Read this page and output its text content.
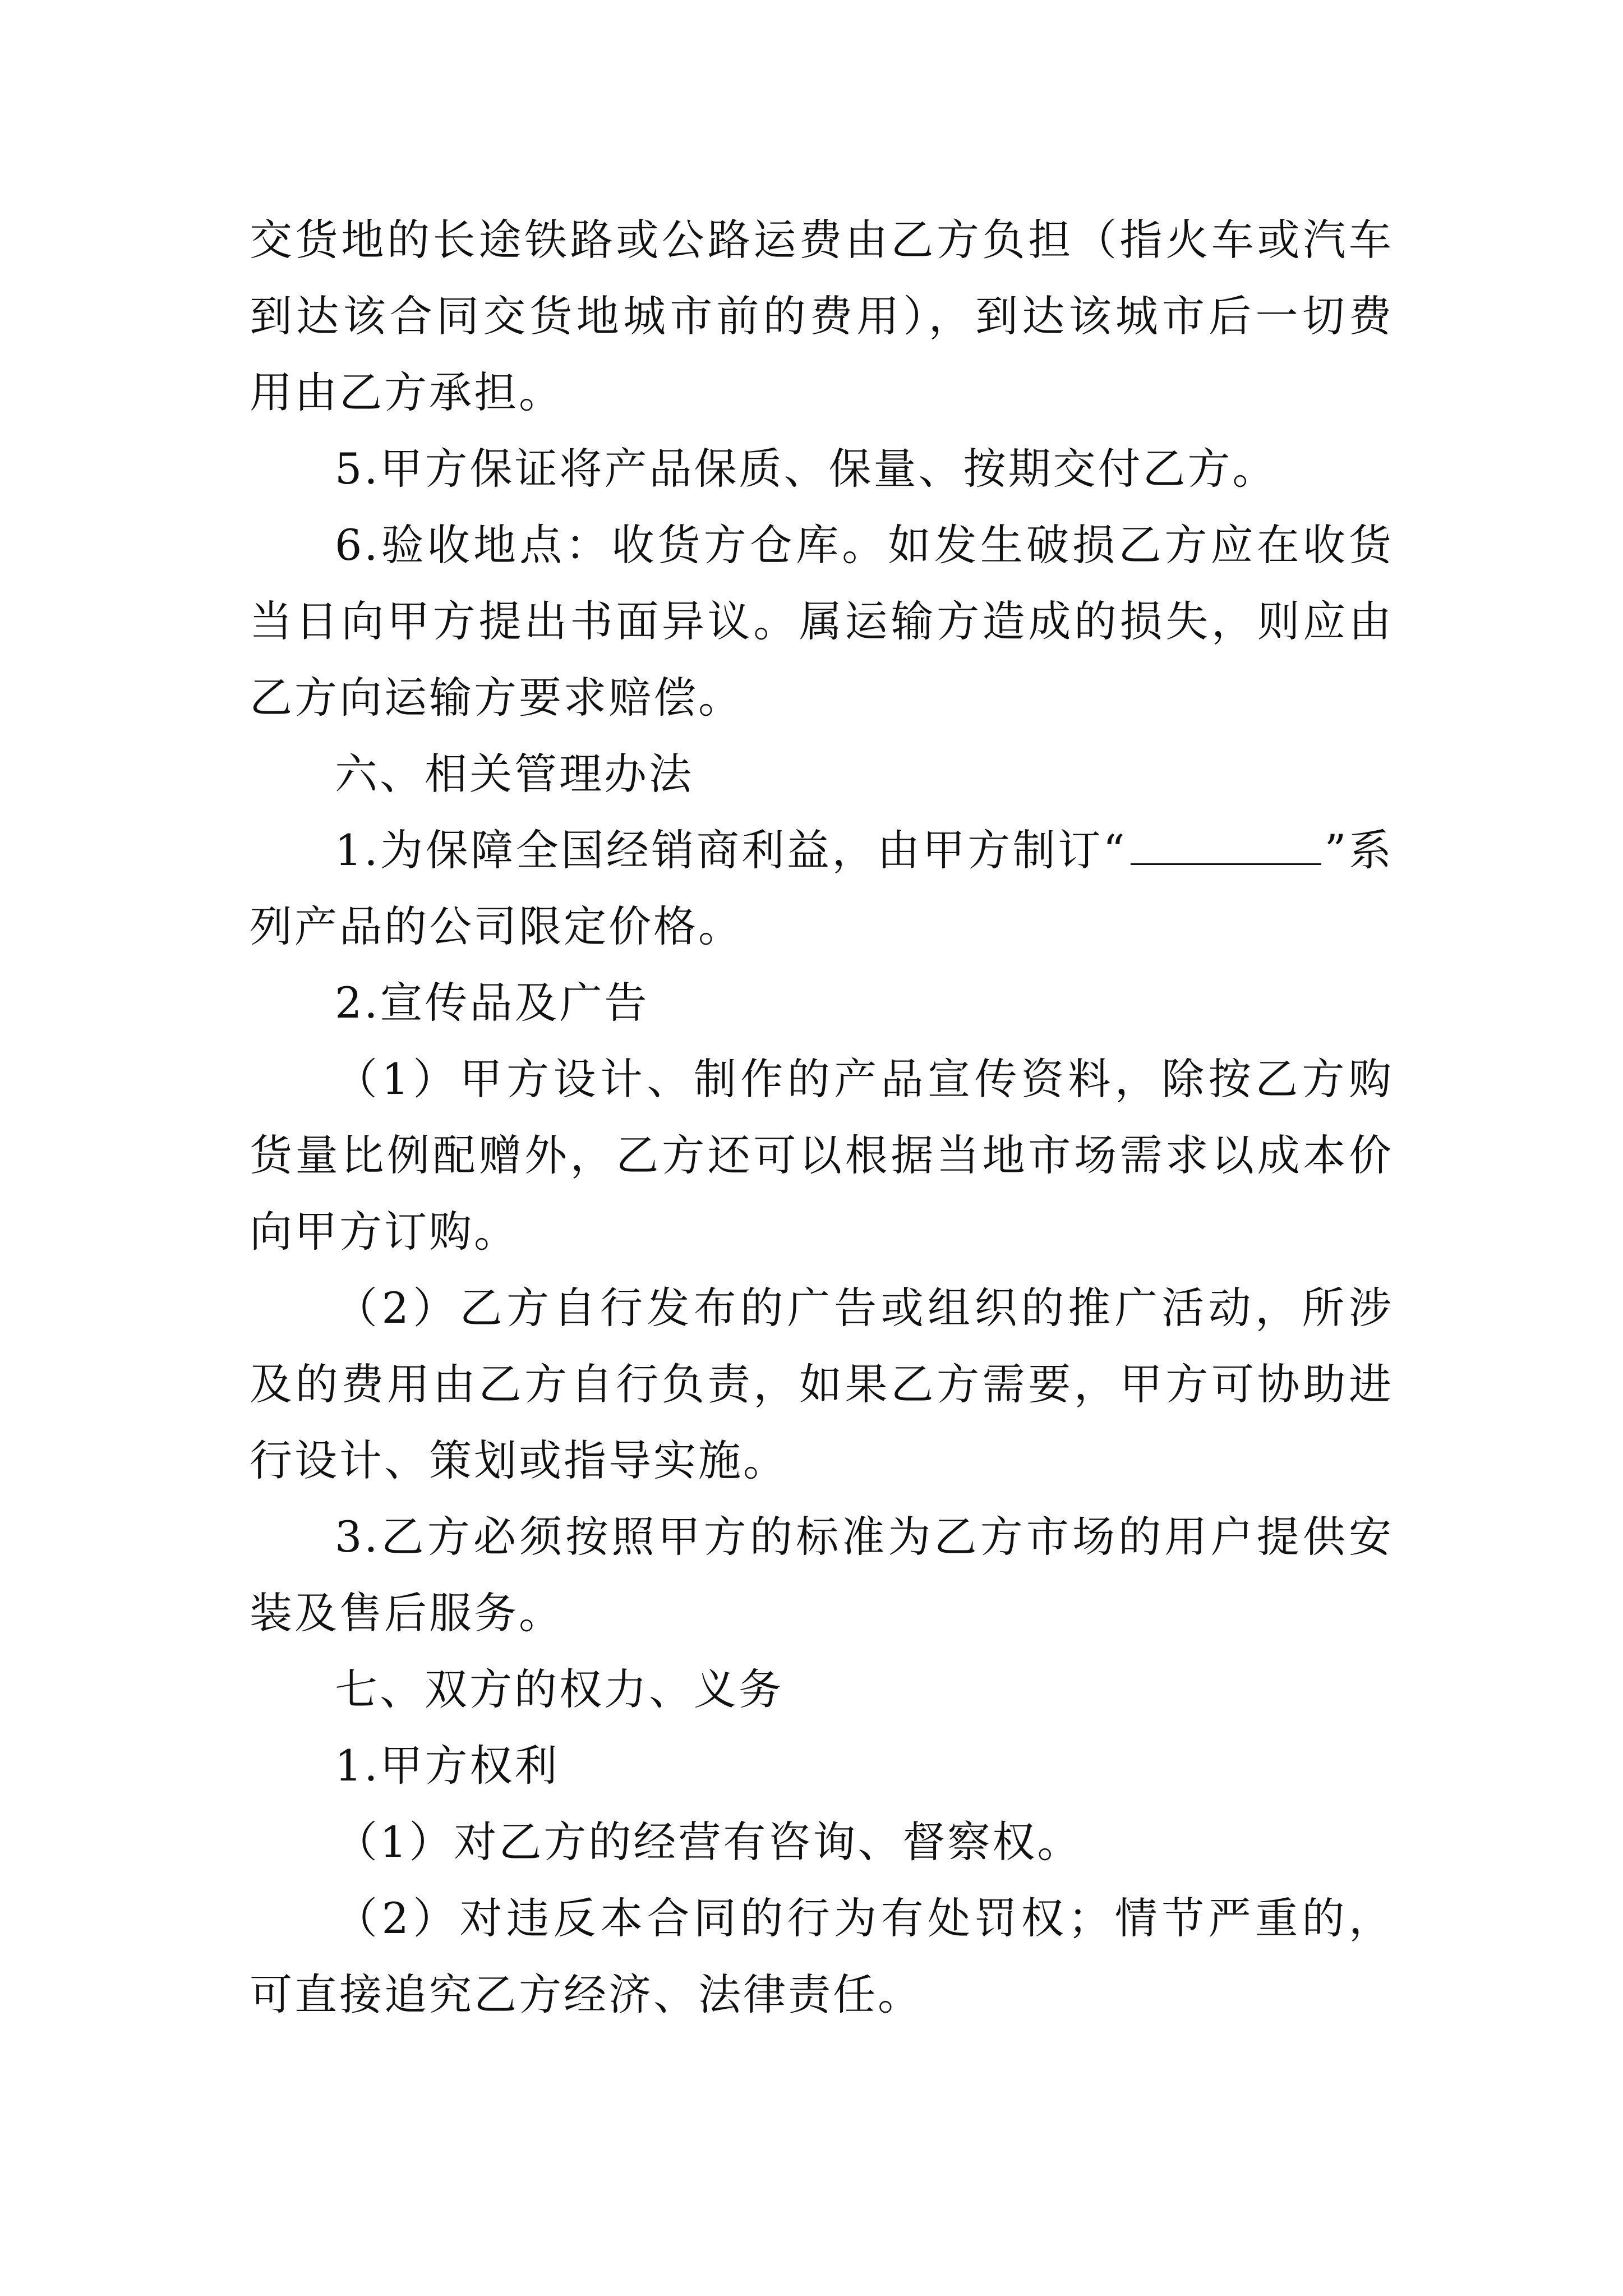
交货地的长途铁路或公路运费由乙方负担（指火车或汽车到达该合同交货地城市前的费用），到达该城市后一切费用由乙方承担。

5.甲方保证将产品保质、保量、按期交付乙方。

6.验收地点：收货方仓库。如发生破损乙方应在收货当日向甲方提出书面异议。属运输方造成的损失，则应由乙方向运输方要求赔偿。

六、相关管理办法

1.为保障全国经销商利益，由甲方制订“	”系列产品的公司限定价格。

2.宣传品及广告

（1）甲方设计、制作的产品宣传资料，除按乙方购货量比例配赠外，乙方还可以根据当地市场需求以成本价向甲方订购。

（2）乙方自行发布的广告或组织的推广活动，所涉及的费用由乙方自行负责，如果乙方需要，甲方可协助进行设计、策划或指导实施。

3.乙方必须按照甲方的标准为乙方市场的用户提供安装及售后服务。

七、双方的权力、义务

1.甲方权利

（1）对乙方的经营有咨询、督察权。

（2）对违反本合同的行为有处罚权；情节严重的，可直接追究乙方经济、法律责任。
